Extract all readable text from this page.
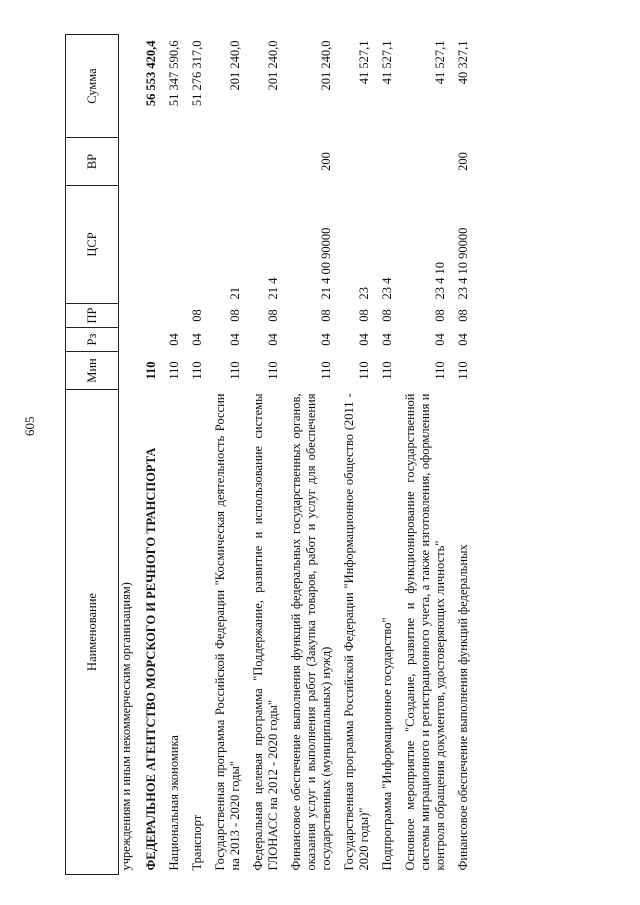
605
Наименование	Мин	Рз	ПР	ЦСР	ВР	Сумма
учреждениям и иным некоммерческим организациям)						
ФЕДЕРАЛЬНОЕ АГЕНТСТВО МОРСКОГО И РЕЧНОГО ТРАНСПОРТА	110					56 553 420,4
Национальная экономика	110	04				51 347 590,6
Транспорт	110	04	08			51 276 317,0
Государственная программа Российской Федерации "Космическая деятельность России на 2013 - 2020 годы"	110	04	08	21		201 240,0
Федеральная целевая программа "Поддержание, развитие и использование системы ГЛОНАСС на 2012 - 2020 годы"	110	04	08	21 4		201 240,0
Финансовое обеспечение выполнения функций федеральных государственных органов, оказания услуг и выполнения работ (Закупка товаров, работ и услуг для обеспечения государственных (муниципальных) нужд)	110	04	08	21 4 00 90000	200	201 240,0
Государственная программа Российской Федерации "Информационное общество (2011 - 2020 годы)"	110	04	08	23		41 527,1
Подпрограмма "Информационное государство"	110	04	08	23 4		41 527,1
Основное мероприятие "Создание, развитие и функционирование государственной системы миграционного и регистрационного учета, а также изготовления, оформления и контроля обращения документов, удостоверяющих личность"	110	04	08	23 4 10		41 527,1
Финансовое обеспечение выполнения функций федеральных	110	04	08	23 4 10 90000	200	40 327,1
